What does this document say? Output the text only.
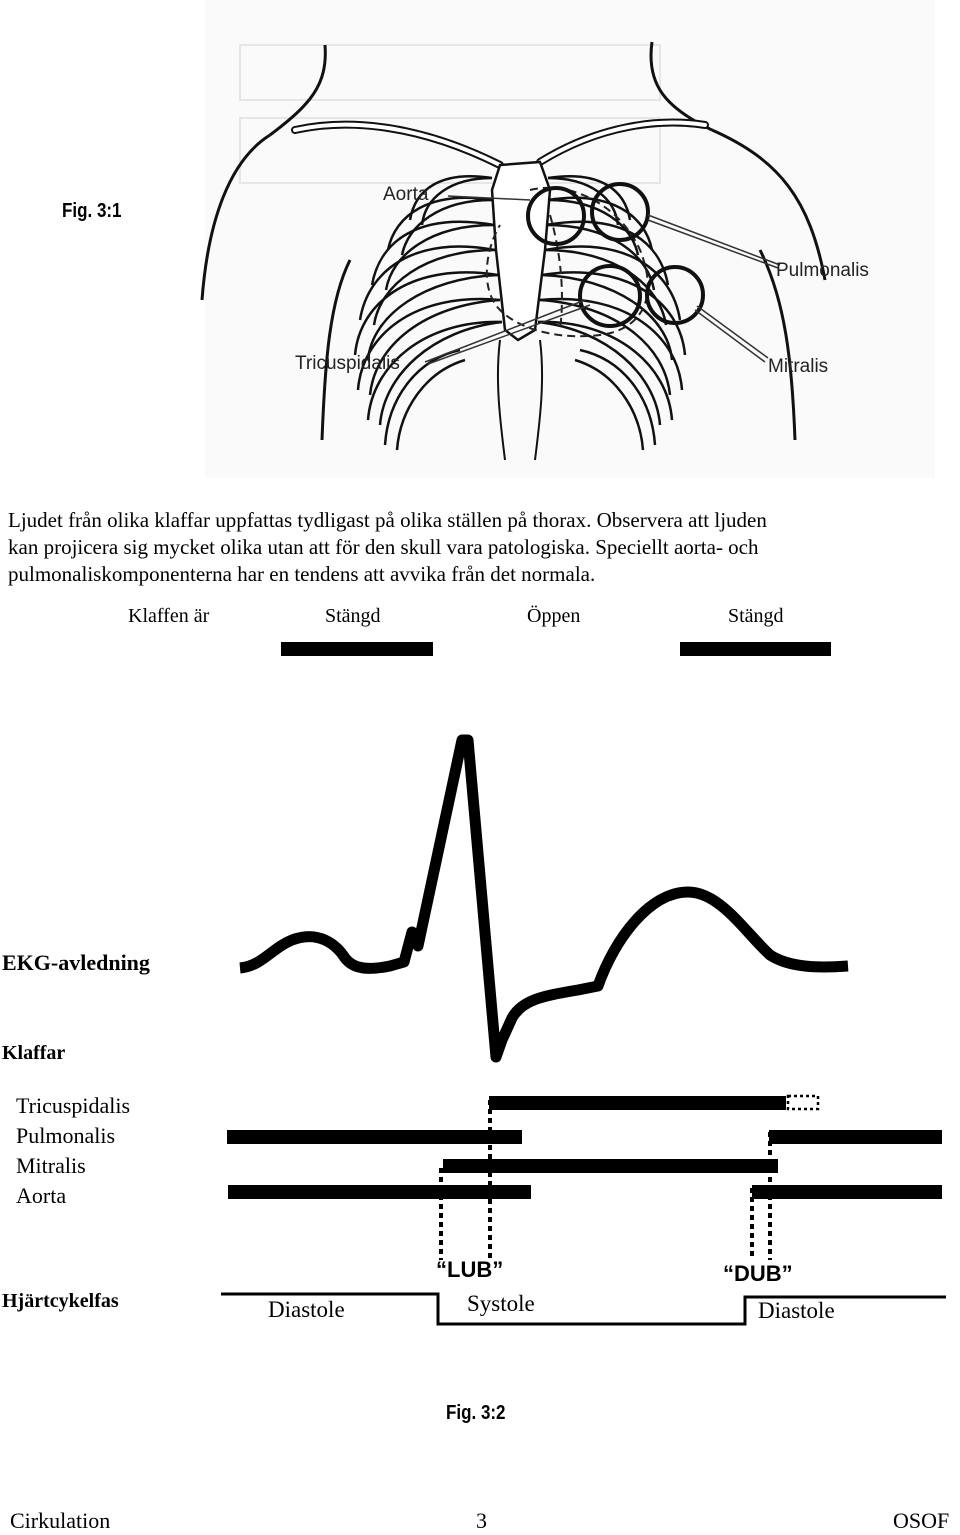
Fig. 3:1
Aorta
Pulmonalis
Tricuspidalis	Mitralis
Ljudet från olika klaffar uppfattas tydligast på olika ställen på thorax. Observera att ljuden
kan projicera sig mycket olika utan att för den skull vara patologiska. Speciellt aorta- och
pulmonaliskomponenterna har en tendens att avvika från det normala.
Klaffen är	Stängd	Öppen	Stängd
EKG-avledning
Klaffar
Tricuspidalis
Pulmonalis
Mitralis
Aorta
“LUB”	“DUB”
Hjärtcykelfas	Diastole	Systole	Diastole
Fig. 3:2
Cirkulation	3	OSOF
